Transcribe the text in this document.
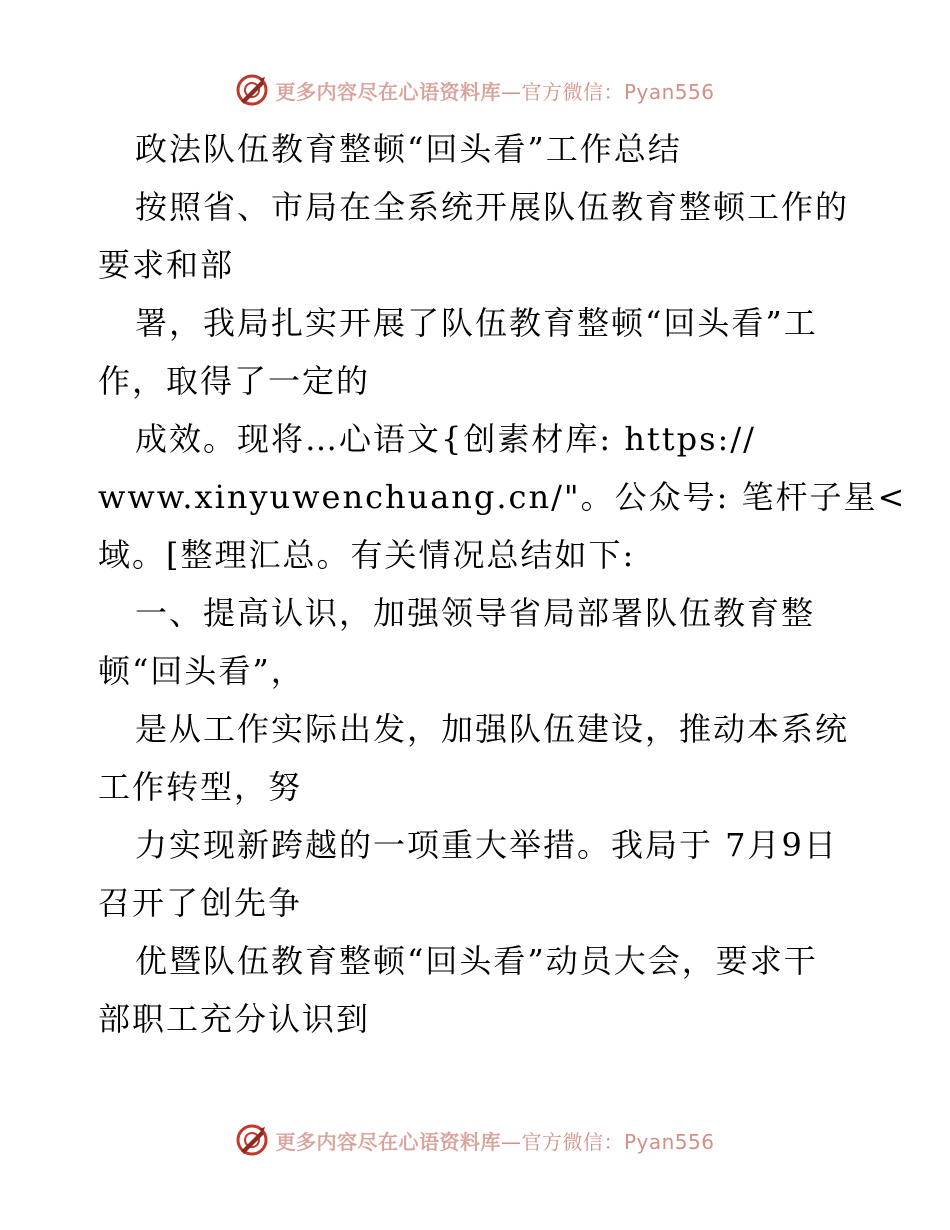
更多内容尽在心语资料库—官方微信：Pyan556
政法队伍教育整顿“回头看”工作总结
按照省、市局在全系统开展队伍教育整顿工作的
要求和部
署，我局扎实开展了队伍教育整顿“回头看”工
作，取得了一定的
成效。现将…心语文{创素材库: https://
www.xinyuwenchuang.cn/"。公众号: 笔杆子星<
域。[整理汇总。有关情况总结如下:
一、提高认识，加强领导省局部署队伍教育整
顿“回头看”，
是从工作实际出发，加强队伍建设，推动本系统
工作转型，努
力实现新跨越的一项重大举措。我局于 7月9日
召开了创先争
优暨队伍教育整顿“回头看”动员大会，要求干
部职工充分认识到
更多内容尽在心语资料库—官方微信：Pyan556
